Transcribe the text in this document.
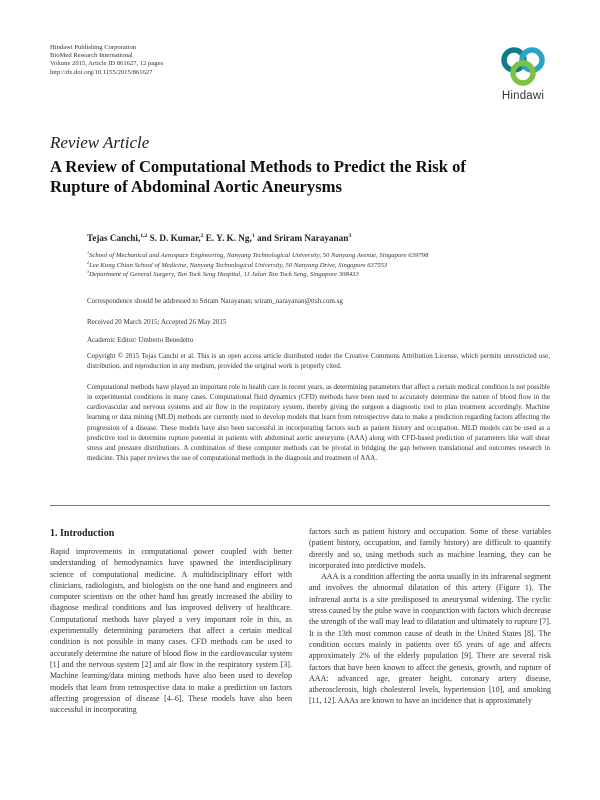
Hindawi Publishing Corporation
BioMed Research International
Volume 2015, Article ID 861627, 12 pages
http://dx.doi.org/10.1155/2015/861627
Hindawi
Review Article
A Review of Computational Methods to Predict the Risk of
Rupture of Abdominal Aortic Aneurysms
Tejas Canchi,$^{1,2}$ S. D. Kumar,$^2$ E. Y. K. Ng,$^1$ and Sriram Narayanan$^3$
$^1$School of Mechanical and Aerospace Engineering, Nanyang Technological University, 50 Nanyang Avenue, Singapore 639798
$^2$Lee Kong Chian School of Medicine, Nanyang Technological University, 50 Nanyang Drive, Singapore 637553
$^3$Department of General Surgery, Tan Tock Seng Hospital, 11 Jalan Tan Tock Seng, Singapore 308433
Correspondence should be addressed to Sriram Narayanan; sriram_narayanan@ttsh.com.sg
Received 20 March 2015; Accepted 26 May 2015
Academic Editor: Umberto Benedetto
Copyright © 2015 Tejas Canchi et al. This is an open access article distributed under the Creative Commons Attribution License, which permits unrestricted use, distribution, and reproduction in any medium, provided the original work is properly cited.
Computational methods have played an important role in health care in recent years, as determining parameters that affect a certain medical condition is not possible in experimental conditions in many cases. Computational fluid dynamics (CFD) methods have been used to accurately determine the nature of blood flow in the cardiovascular and nervous systems and air flow in the respiratory system, thereby giving the surgeon a diagnostic tool to plan treatment accordingly. Machine learning or data mining (MLD) methods are currently used to develop models that learn from retrospective data to make a prediction regarding factors affecting the progression of a disease. These models have also been successful in incorporating factors such as patient history and occupation. MLD models can be used as a predictive tool to determine rupture potential in patients with abdominal aortic aneurysms (AAA) along with CFD-based prediction of parameters like wall shear stress and pressure distributions. A combination of these computer methods can be pivotal in bridging the gap between translational and outcomes research in medicine. This paper reviews the use of computational methods in the diagnosis and treatment of AAA.
1. Introduction

Rapid improvements in computational power coupled with better understanding of hemodynamics have spawned the interdisciplinary science of computational medicine. A multidisciplinary effort with clinicians, radiologists, and biologists on the one hand and engineers and computer scientists on the other hand has greatly increased the ability to diagnose medical conditions and has improved delivery of healthcare. Computational methods have played a very important role in this, as experimentally determining parameters that affect a certain medical condition is not possible in many cases. CFD methods can be used to accurately determine the nature of blood flow in the cardiovascular system [1] and the nervous system [2] and air flow in the respiratory system [3]. Machine learning/data mining methods have also been used to develop models that learn from retrospective data to make a prediction on factors affecting progression of disease [4–6]. These models have also been successful in incorporating

factors such as patient history and occupation. Some of these variables (patient history, occupation, and family history) are difficult to quantify directly and so, using methods such as machine learning, they can be incorporated into predictive models.

AAA is a condition affecting the aorta usually in its infrarenal segment and involves the abnormal dilatation of this artery (Figure 1). The infrarenal aorta is a site predisposed to aneurysmal widening. The cyclic stress caused by the pulse wave in conjunction with factors which decrease the strength of the wall may lead to dilatation and ultimately to rupture [7]. It is the 13th most common cause of death in the United States [8]. The condition occurs mainly in patients over 65 years of age and affects approximately 2% of the elderly population [9]. There are several risk factors that have been known to affect the genesis, growth, and rupture of AAA: advanced age, greater height, coronary artery disease, atherosclerosis, high cholesterol levels, hypertension [10], and smoking [11, 12]. AAAs are known to have an incidence that is approximately
